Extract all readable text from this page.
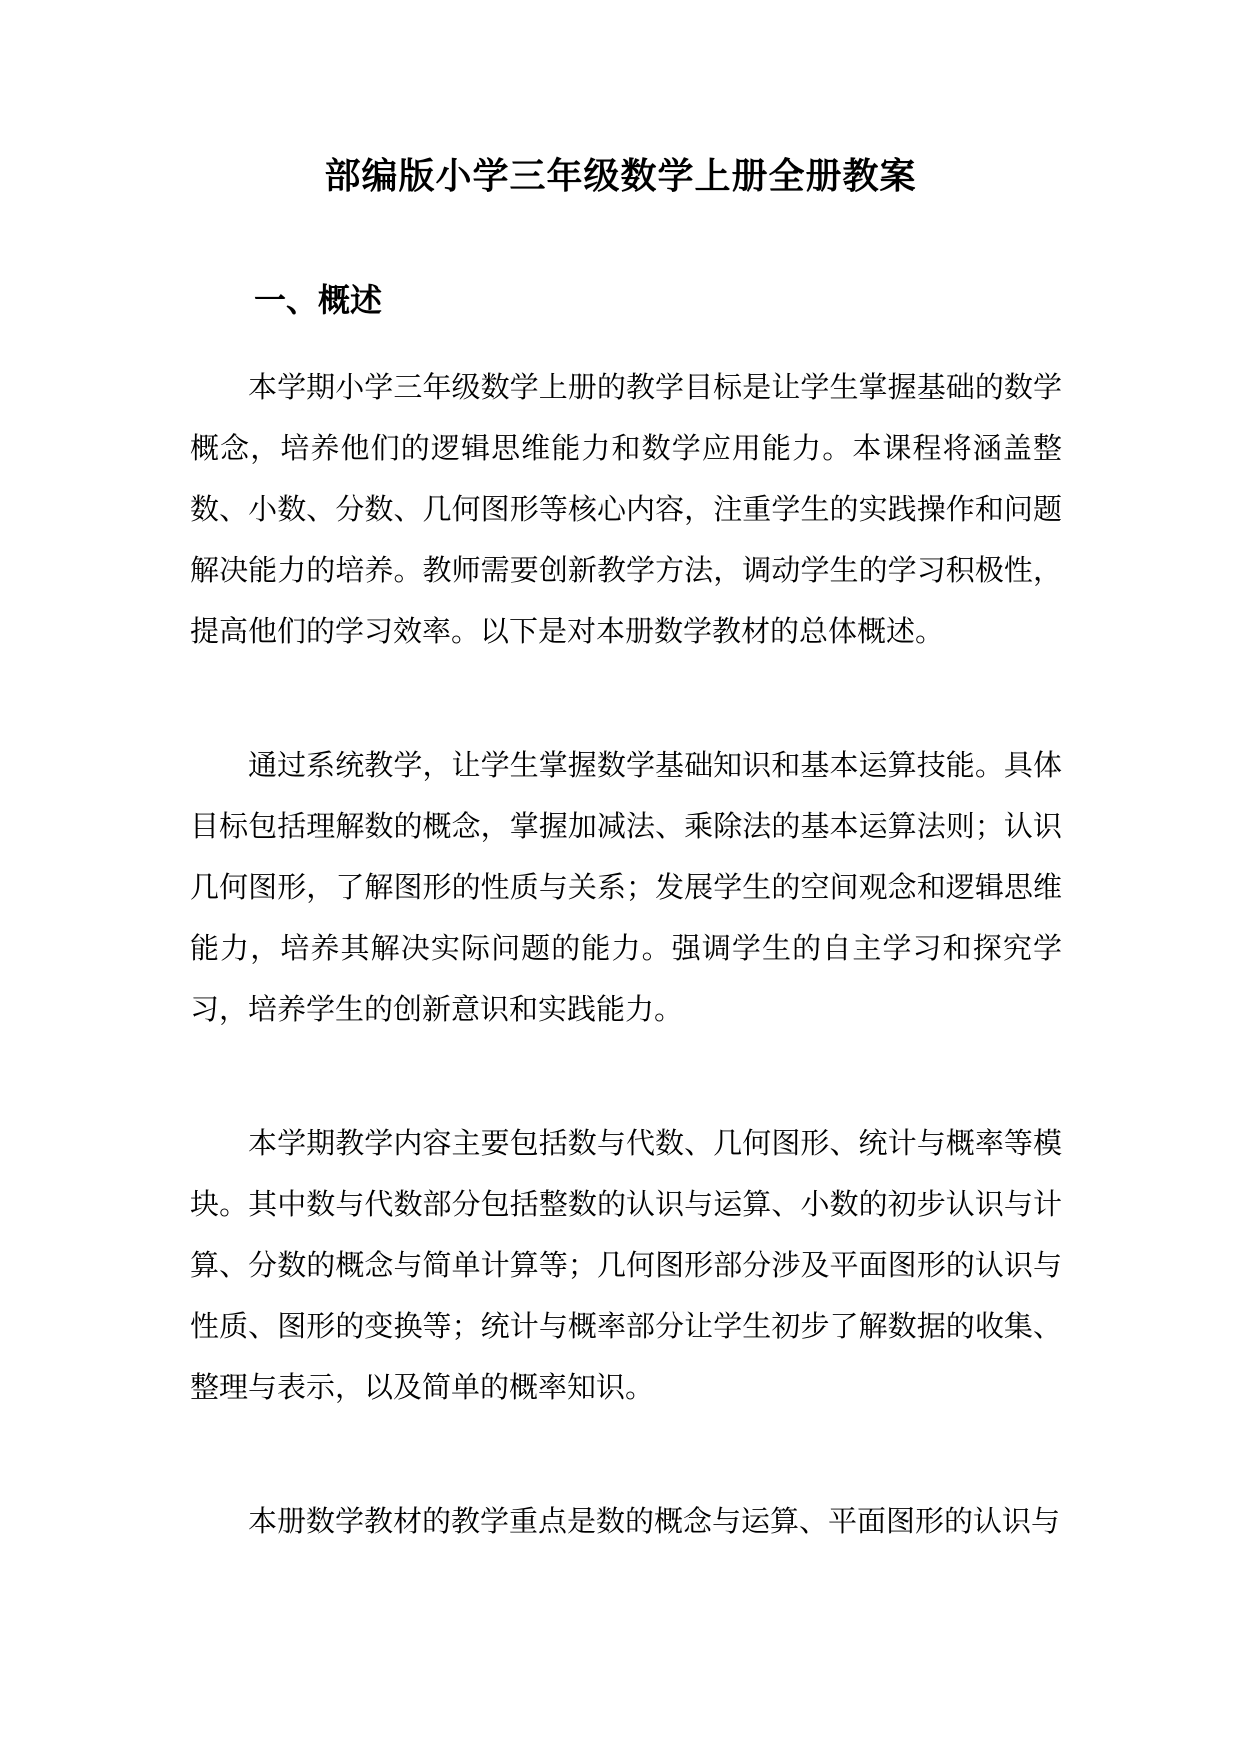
部编版小学三年级数学上册全册教案
一、概述

本学期小学三年级数学上册的教学目标是让学生掌握基础的数学概念，培养他们的逻辑思维能力和数学应用能力。本课程将涵盖整数、小数、分数、几何图形等核心内容，注重学生的实践操作和问题解决能力的培养。教师需要创新教学方法，调动学生的学习积极性，提高他们的学习效率。以下是对本册数学教材的总体概述。

通过系统教学，让学生掌握数学基础知识和基本运算技能。具体目标包括理解数的概念，掌握加减法、乘除法的基本运算法则；认识几何图形，了解图形的性质与关系；发展学生的空间观念和逻辑思维能力，培养其解决实际问题的能力。强调学生的自主学习和探究学习，培养学生的创新意识和实践能力。

本学期教学内容主要包括数与代数、几何图形、统计与概率等模块。其中数与代数部分包括整数的认识与运算、小数的初步认识与计算、分数的概念与简单计算等；几何图形部分涉及平面图形的认识与性质、图形的变换等；统计与概率部分让学生初步了解数据的收集、整理与表示，以及简单的概率知识。

本册数学教材的教学重点是数的概念与运算、平面图形的认识与
